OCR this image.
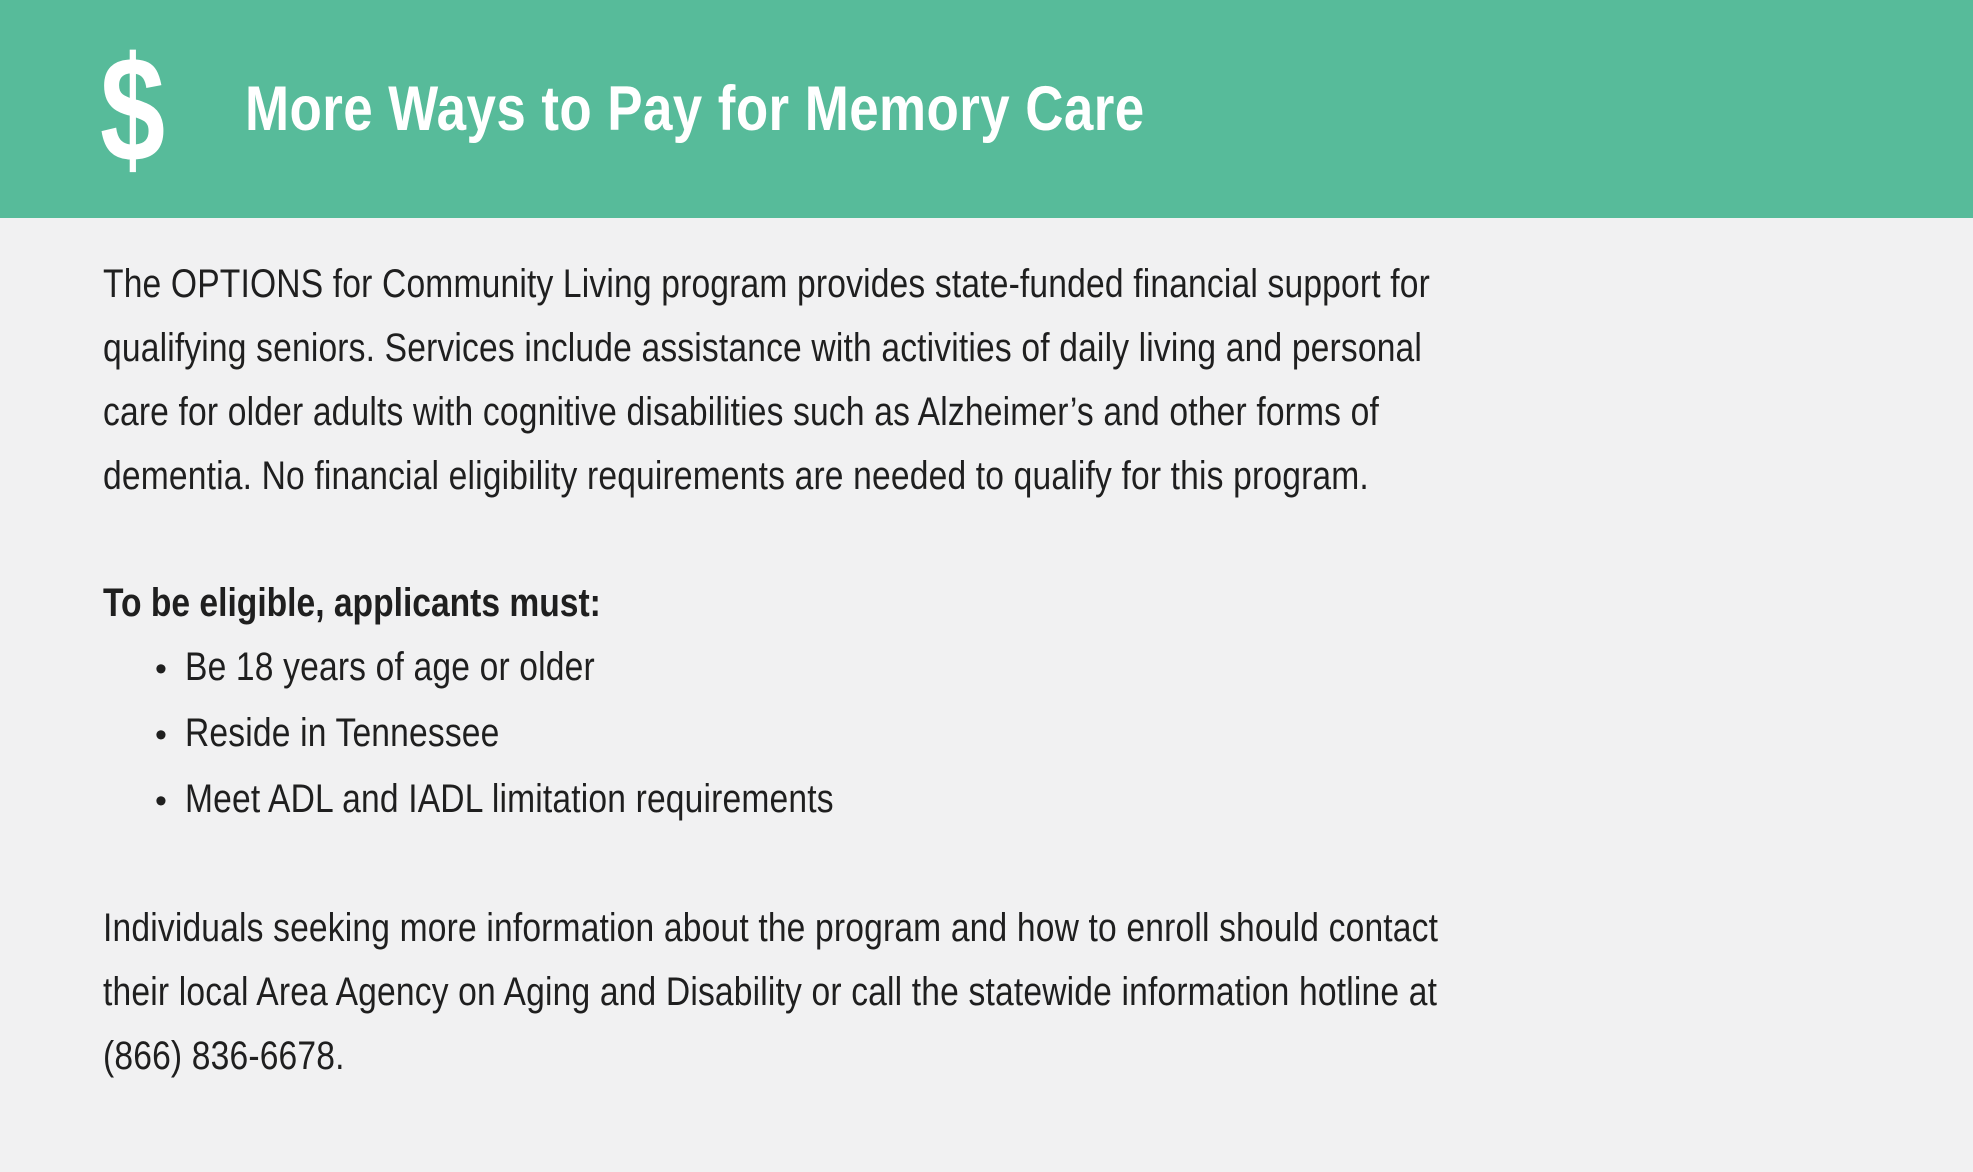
$ More Ways to Pay for Memory Care
The OPTIONS for Community Living program provides state-funded financial support for
qualifying seniors. Services include assistance with activities of daily living and personal
care for older adults with cognitive disabilities such as Alzheimer’s and other forms of
dementia. No financial eligibility requirements are needed to qualify for this program.
To be eligible, applicants must:
• Be 18 years of age or older
• Reside in Tennessee
• Meet ADL and IADL limitation requirements
Individuals seeking more information about the program and how to enroll should contact
their local Area Agency on Aging and Disability or call the statewide information hotline at
(866) 836-6678.
